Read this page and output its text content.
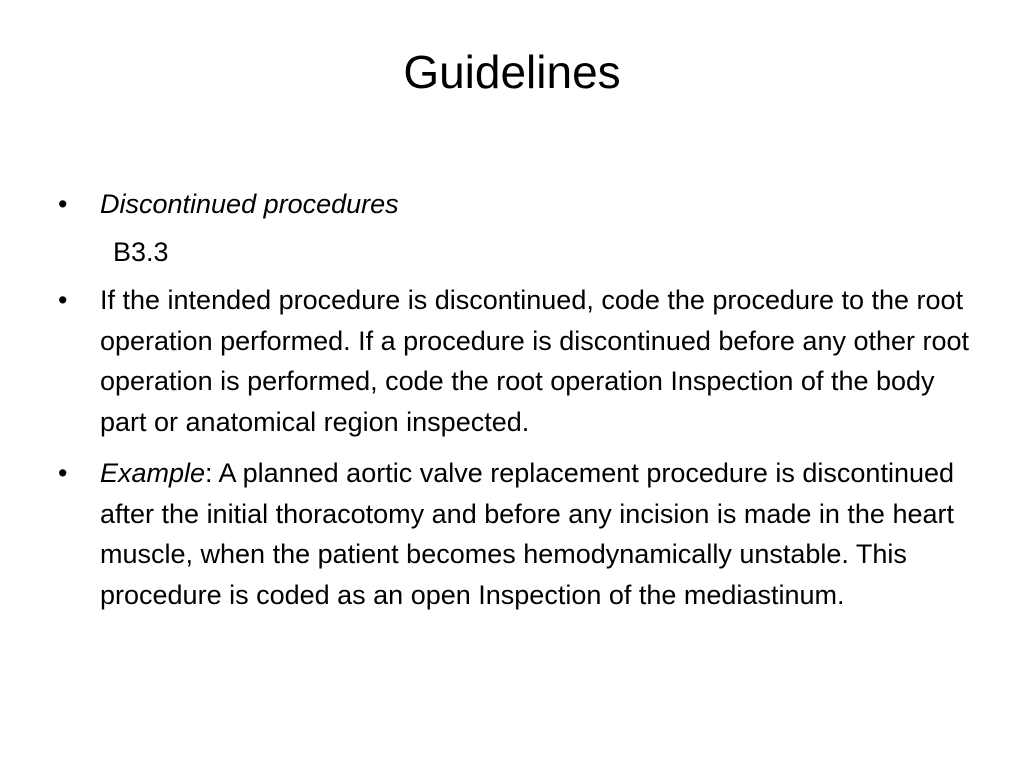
Guidelines
•	Discontinued procedures
B3.3
•	If the intended procedure is discontinued, code the procedure to the root operation performed. If a procedure is discontinued before any other root operation is performed, code the root operation Inspection of the body part or anatomical region inspected.
•	Example: A planned aortic valve replacement procedure is discontinued after the initial thoracotomy and before any incision is made in the heart muscle, when the patient becomes hemodynamically unstable. This procedure is coded as an open Inspection of the mediastinum.
